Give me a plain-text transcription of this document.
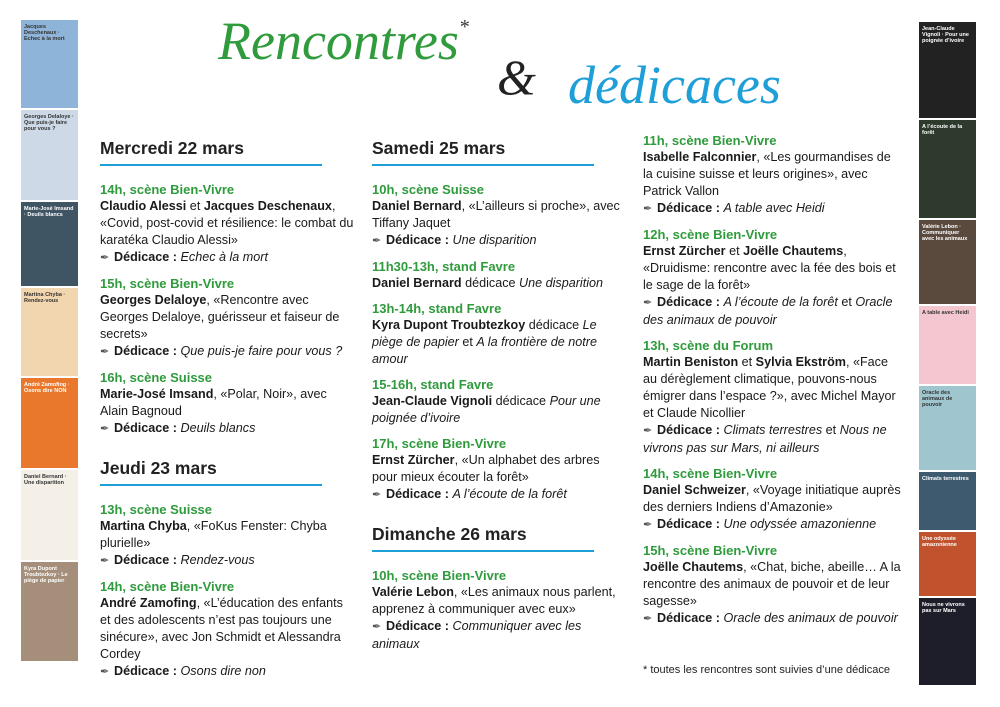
Rencontres*
& dédicaces
Jacques Deschenaux · Echec à la mort
Georges Delaloye · Que puis-je faire pour vous ?
Marie-José Imsand · Deuils blancs
Martina Chyba · Rendez-vous
André Zamofing · Osons dire NON
Daniel Bernard · Une disparition
Kyra Dupont Troubtezkoy · Le piège de papier
Jean-Claude Vignoli · Pour une poignée d’ivoire
A l’écoute de la forêt
Valérie Lebon · Communiquer avec les animaux
A table avec Heidi
Oracle des animaux de pouvoir
Climats terrestres
Une odyssée amazonienne
Nous ne vivrons pas sur Mars
Mercredi 22 mars
14h, scène Bien-Vivre
Claudio Alessi et Jacques Deschenaux, «Covid, post-covid et résilience: le combat du karatéka Claudio Alessi»
✒ Dédicace : Echec à la mort
15h, scène Bien-Vivre
Georges Delaloye, «Rencontre avec Georges Delaloye, guérisseur et faiseur de secrets»
✒ Dédicace : Que puis-je faire pour vous ?
16h, scène Suisse
Marie-José Imsand, «Polar, Noir», avec Alain Bagnoud
✒ Dédicace : Deuils blancs
Jeudi 23 mars
13h, scène Suisse
Martina Chyba, «FoKus Fenster: Chyba plurielle»
✒ Dédicace : Rendez-vous
14h, scène Bien-Vivre
André Zamofing, «L’éducation des enfants et des adolescents n’est pas toujours une sinécure», avec Jon Schmidt et Alessandra Cordey
✒ Dédicace : Osons dire non
Samedi 25 mars
10h, scène Suisse
Daniel Bernard, «L’ailleurs si proche», avec Tiffany Jaquet
✒ Dédicace : Une disparition
11h30-13h, stand Favre
Daniel Bernard dédicace Une disparition
13h-14h, stand Favre
Kyra Dupont Troubtezkoy dédicace Le piège de papier et A la frontière de notre amour
15-16h, stand Favre
Jean-Claude Vignoli dédicace Pour une poignée d’ivoire
17h, scène Bien-Vivre
Ernst Zürcher, «Un alphabet des arbres pour mieux écouter la forêt»
✒ Dédicace : A l’écoute de la forêt
Dimanche 26 mars
10h, scène Bien-Vivre
Valérie Lebon, «Les animaux nous parlent, apprenez à communiquer avec eux»
✒ Dédicace : Communiquer avec les animaux
11h, scène Bien-Vivre
Isabelle Falconnier, «Les gourmandises de la cuisine suisse et leurs origines», avec Patrick Vallon
✒ Dédicace : A table avec Heidi
12h, scène Bien-Vivre
Ernst Zürcher et Joëlle Chautems, «Druidisme: rencontre avec la fée des bois et le sage de la forêt»
✒ Dédicace : A l’écoute de la forêt et Oracle des animaux de pouvoir
13h, scène du Forum
Martin Beniston et Sylvia Ekström, «Face au dérèglement climatique, pouvons-nous émigrer dans l’espace ?», avec Michel Mayor et Claude Nicollier
✒ Dédicace : Climats terrestres et Nous ne vivrons pas sur Mars, ni ailleurs
14h, scène Bien-Vivre
Daniel Schweizer, «Voyage initiatique auprès des derniers Indiens d’Amazonie»
✒ Dédicace : Une odyssée amazonienne
15h, scène Bien-Vivre
Joëlle Chautems, «Chat, biche, abeille… A la rencontre des animaux de pouvoir et de leur sagesse»
✒ Dédicace : Oracle des animaux de pouvoir
* toutes les rencontres sont suivies d’une dédicace
